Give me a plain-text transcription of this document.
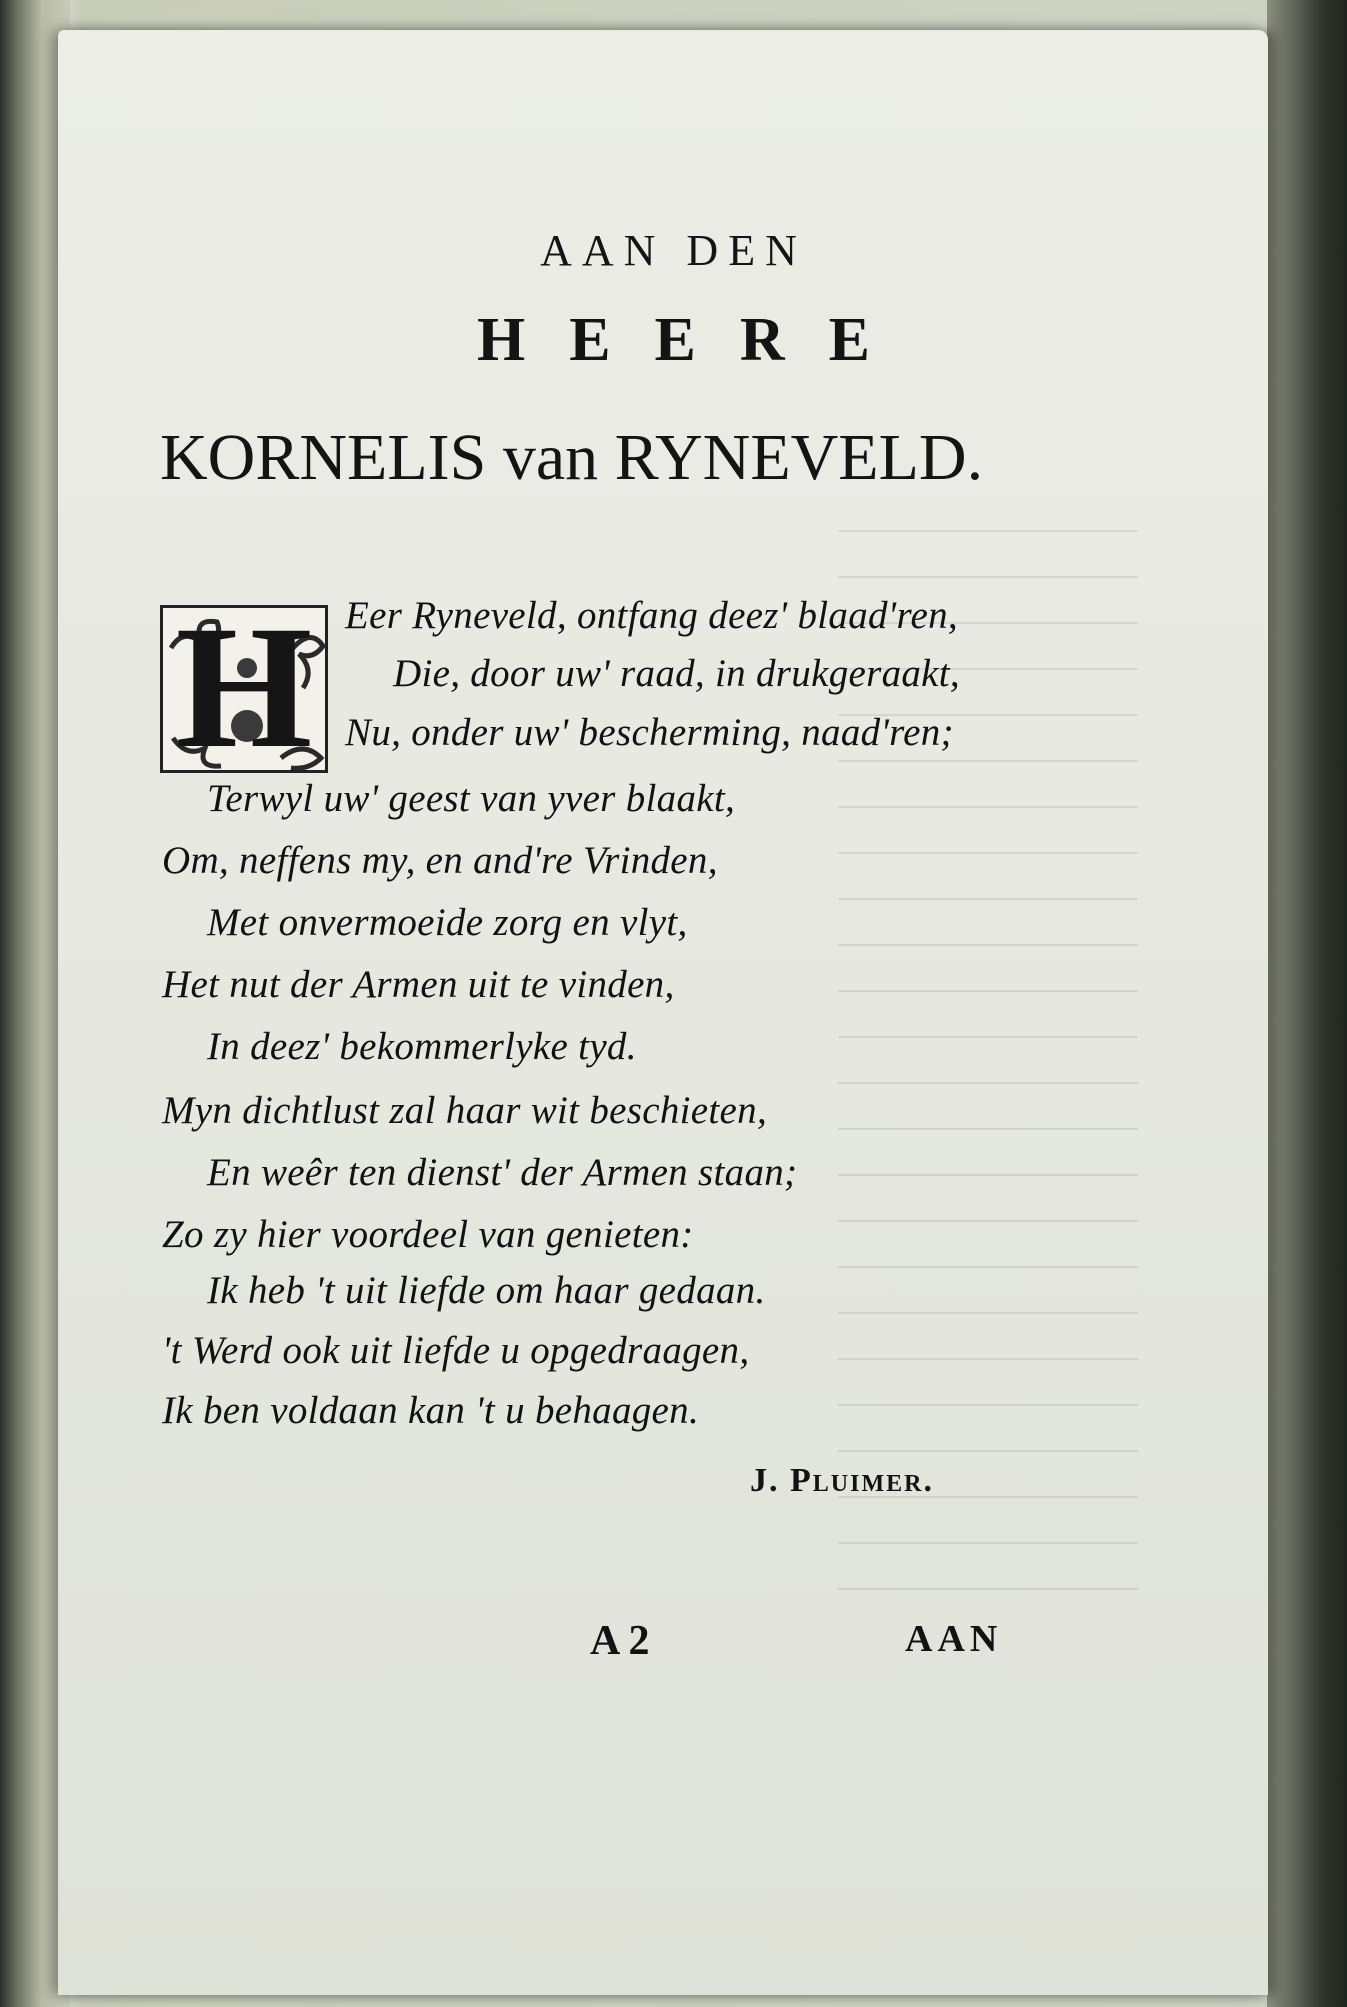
AAN DEN
HEERE
KORNELIS van RYNEVELD.
H Eer Ryneveld, ontfang deez' blaad'ren,
Die, door uw' raad, in drukgeraakt,
Nu, onder uw' bescherming, naad'ren;
Terwyl uw' geest van yver blaakt,
Om, neffens my, en and're Vrinden,
Met onvermoeide zorg en vlyt,
Het nut der Armen uit te vinden,
In deez' bekommerlyke tyd.
Myn dichtlust zal haar wit beschieten,
En weêr ten dienst' der Armen staan;
Zo zy hier voordeel van genieten:
Ik heb 't uit liefde om haar gedaan.
't Werd ook uit liefde u opgedraagen,
Ik ben voldaan kan 't u behaagen.
J. Pluimer.
A 2	AAN
